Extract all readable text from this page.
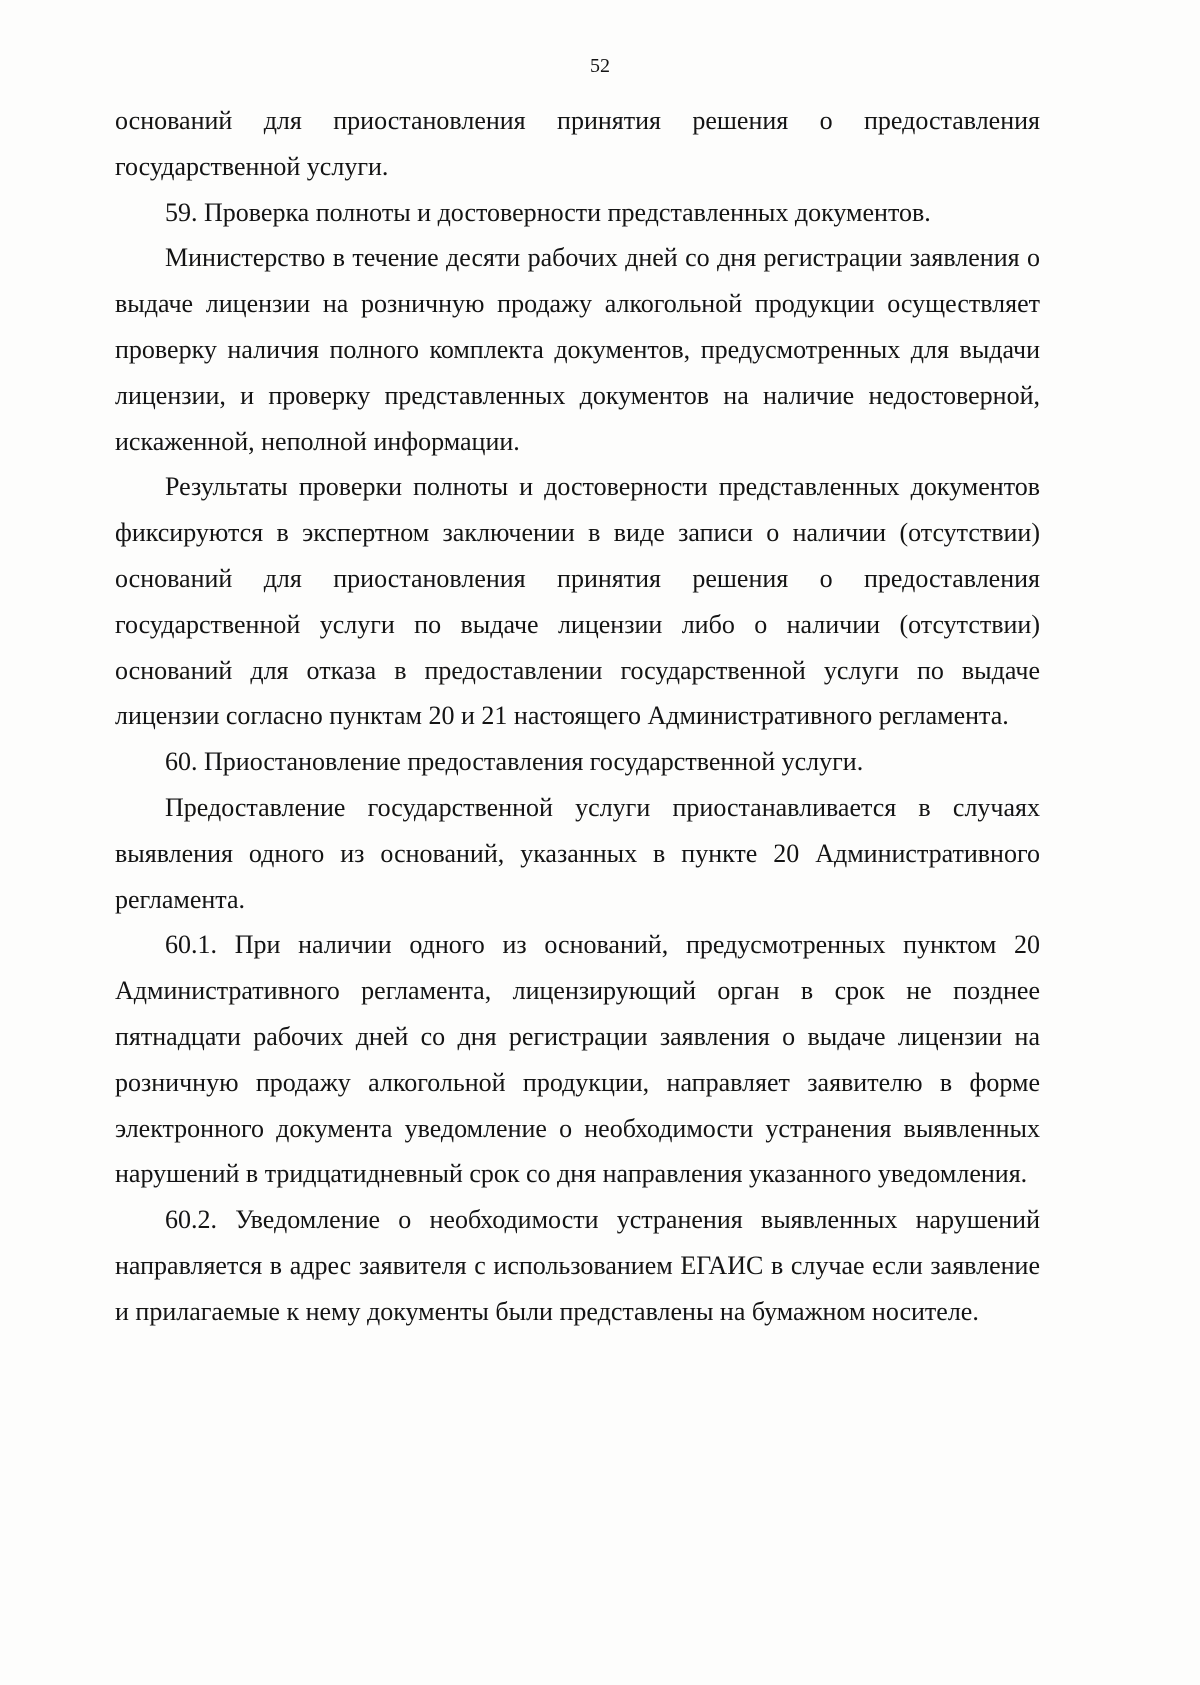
52

оснований для приостановления принятия решения о предоставления государственной услуги.

59. Проверка полноты и достоверности представленных документов.

Министерство в течение десяти рабочих дней со дня регистрации заявления о выдаче лицензии на розничную продажу алкогольной продукции осуществляет проверку наличия полного комплекта документов, предусмотренных для выдачи лицензии, и проверку представленных документов на наличие недостоверной, искаженной, неполной информации.

Результаты проверки полноты и достоверности представленных документов фиксируются в экспертном заключении в виде записи о наличии (отсутствии) оснований для приостановления принятия решения о предоставления государственной услуги по выдаче лицензии либо о наличии (отсутствии) оснований для отказа в предоставлении государственной услуги по выдаче лицензии согласно пунктам 20 и 21 настоящего Административного регламента.

60. Приостановление предоставления государственной услуги.

Предоставление государственной услуги приостанавливается в случаях выявления одного из оснований, указанных в пункте 20 Административного регламента.

60.1. При наличии одного из оснований, предусмотренных пунктом 20 Административного регламента, лицензирующий орган в срок не позднее пятнадцати рабочих дней со дня регистрации заявления о выдаче лицензии на розничную продажу алкогольной продукции, направляет заявителю в форме электронного документа уведомление о необходимости устранения выявленных нарушений в тридцатидневный срок со дня направления указанного уведомления.

60.2. Уведомление о необходимости устранения выявленных нарушений направляется в адрес заявителя с использованием ЕГАИС в случае если заявление и прилагаемые к нему документы были представлены на бумажном носителе.
